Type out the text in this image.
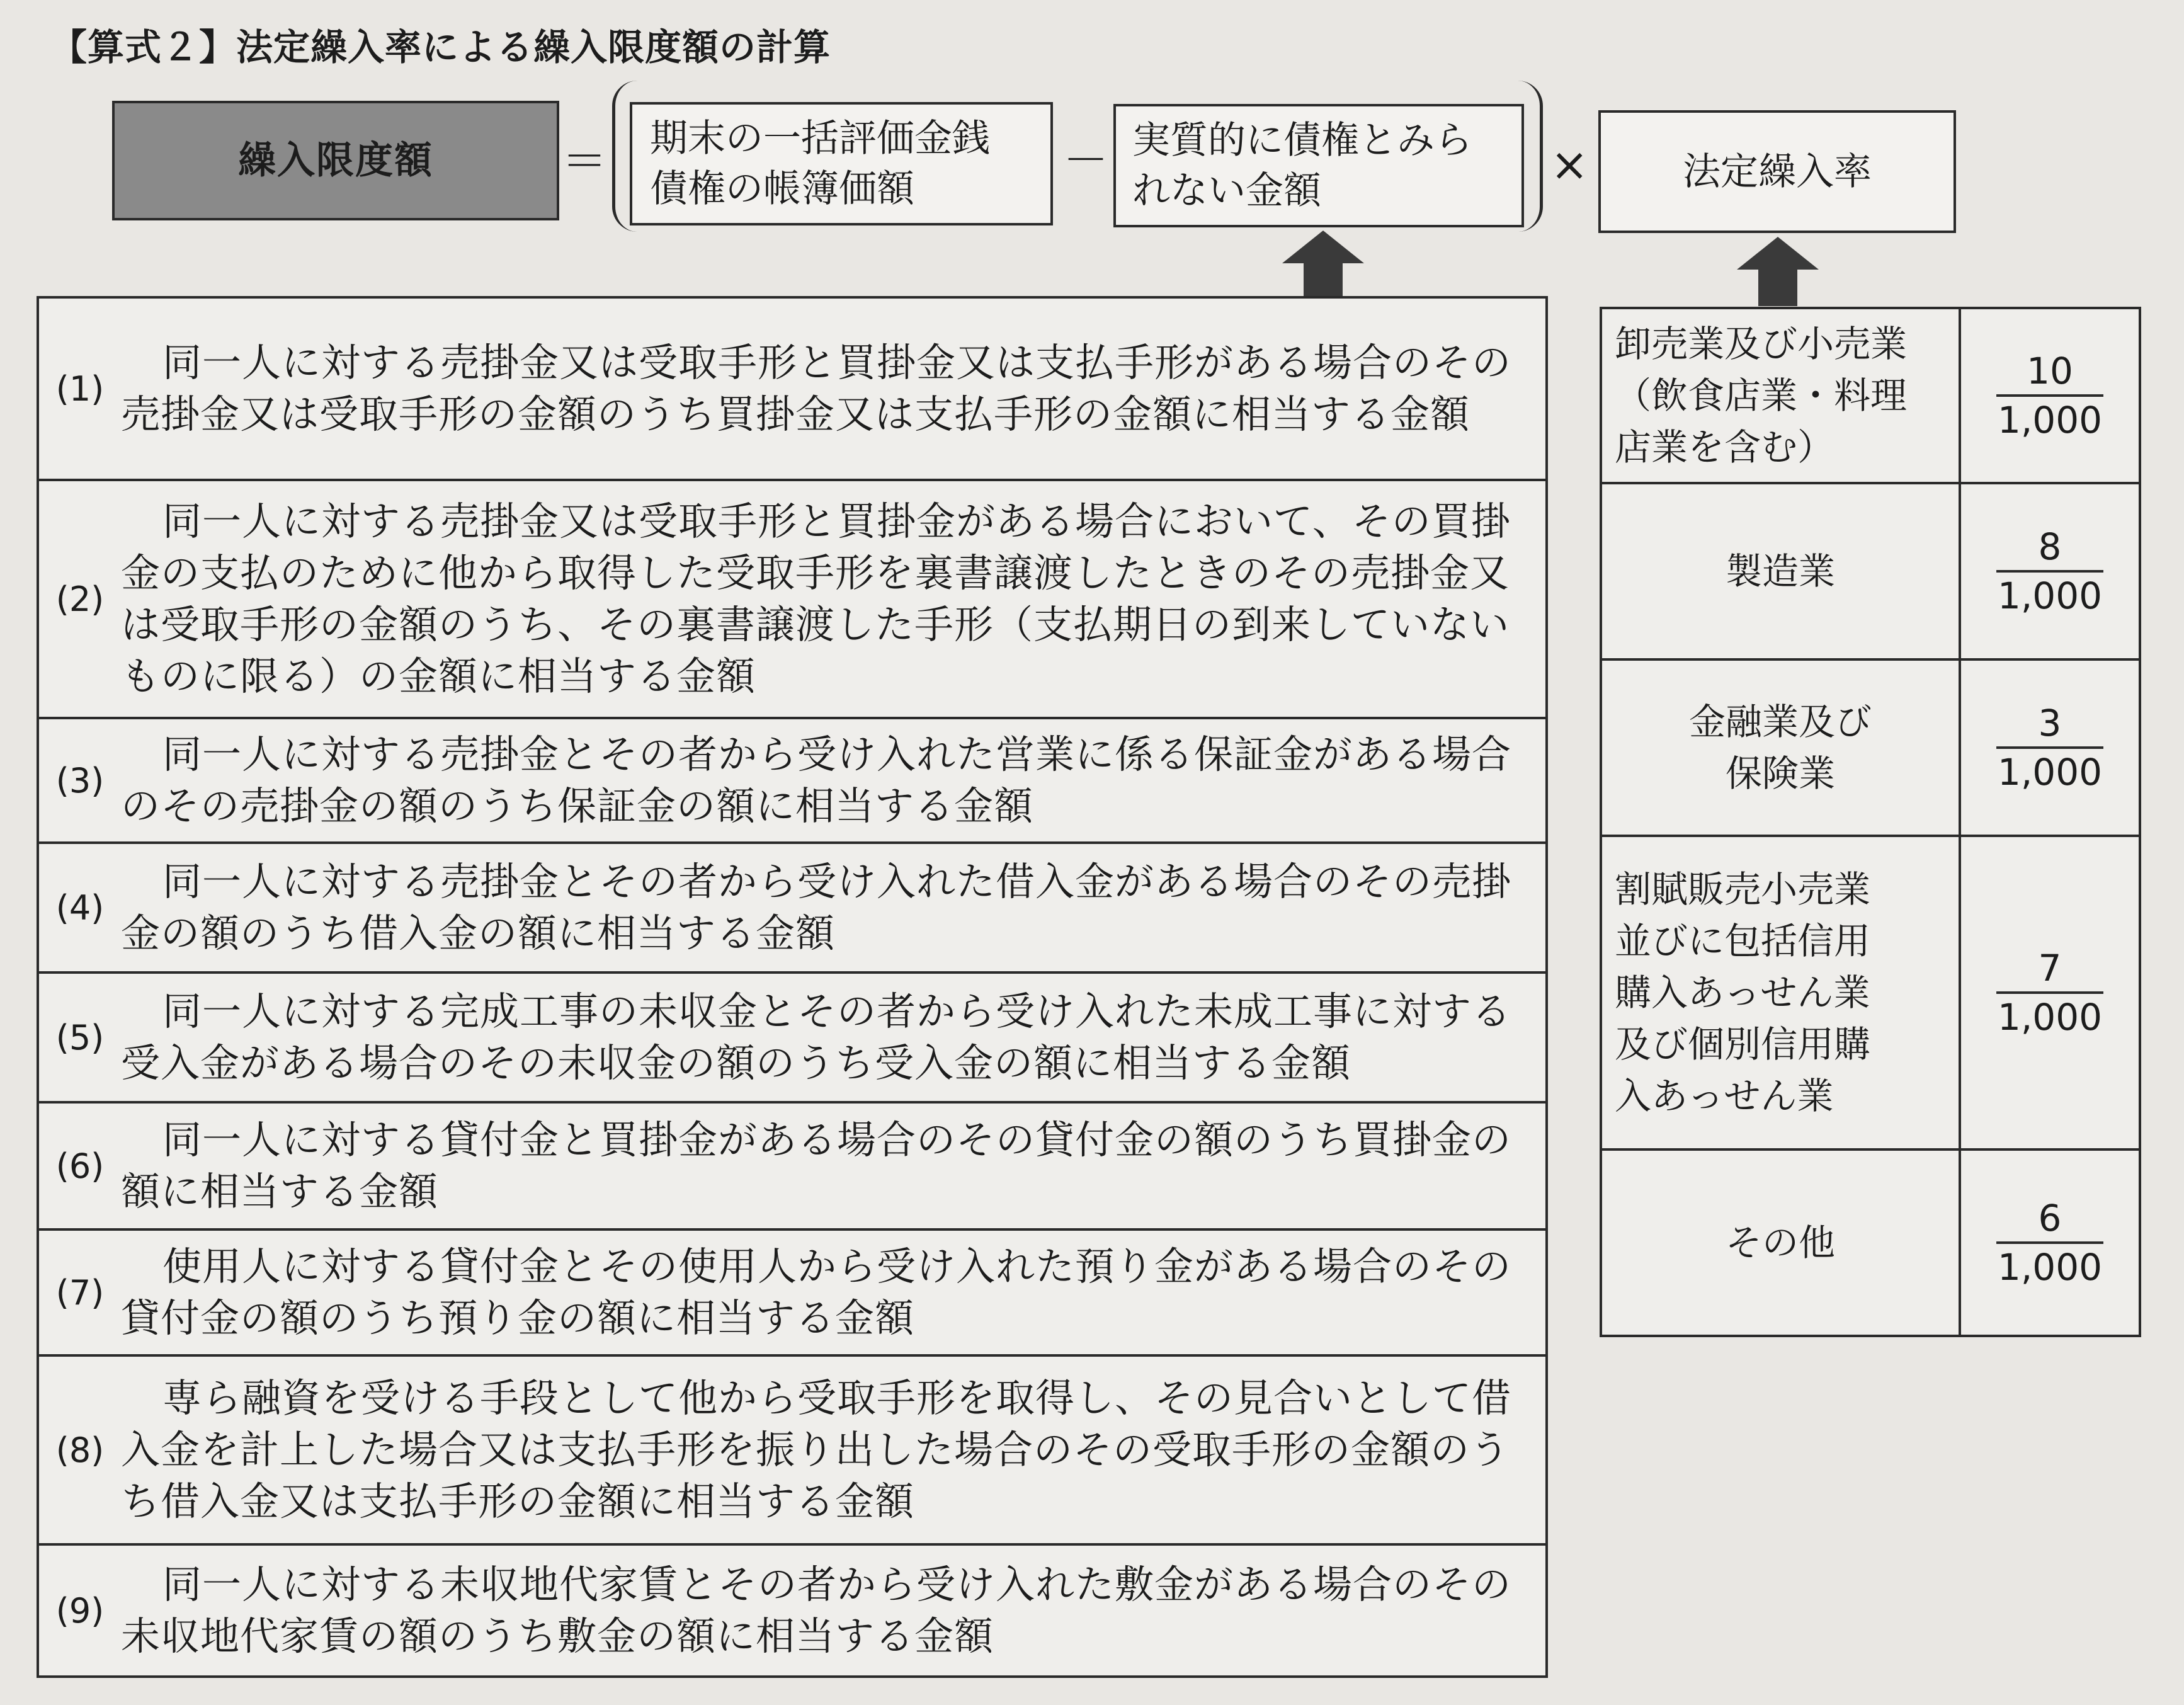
【算式２】法定繰入率による繰入限度額の計算
繰入限度額	＝ 期末の一括評価金銭
債権の帳簿価額
－ 実質的に債権とみら
れない金額	× 法定繰入率
(1)
同一人に対する売掛金又は受取手形と買掛金又は支払手形がある場合のその売掛金又は受取手形の金額のうち買掛金又は支払手形の金額に相当する金額
(2)
同一人に対する売掛金又は受取手形と買掛金がある場合において、その買掛金の支払のために他から取得した受取手形を裏書譲渡したときのその売掛金又は受取手形の金額のうち、その裏書譲渡した手形（支払期日の到来していないものに限る）の金額に相当する金額
(3)
同一人に対する売掛金とその者から受け入れた営業に係る保証金がある場合のその売掛金の額のうち保証金の額に相当する金額
(4)
同一人に対する売掛金とその者から受け入れた借入金がある場合のその売掛金の額のうち借入金の額に相当する金額
(5)
同一人に対する完成工事の未収金とその者から受け入れた未成工事に対する受入金がある場合のその未収金の額のうち受入金の額に相当する金額
(6)
同一人に対する貸付金と買掛金がある場合のその貸付金の額のうち買掛金の額に相当する金額
(7)
使用人に対する貸付金とその使用人から受け入れた預り金がある場合のその貸付金の額のうち預り金の額に相当する金額
(8)
専ら融資を受ける手段として他から受取手形を取得し、その見合いとして借入金を計上した場合又は支払手形を振り出した場合のその受取手形の金額のうち借入金又は支払手形の金額に相当する金額
(9)
同一人に対する未収地代家賃とその者から受け入れた敷金がある場合のその未収地代家賃の額のうち敷金の額に相当する金額
卸売業及び小売業
（飲食店業・料理
店業を含む）
$\frac{10}{1,000}$
製造業	$\frac{8}{1,000}$
金融業及び
保険業	$\frac{3}{1,000}$
割賦販売小売業
並びに包括信用
購入あっせん業
及び個別信用購
入あっせん業
$\frac{7}{1,000}$
その他	$\frac{6}{1,000}$
